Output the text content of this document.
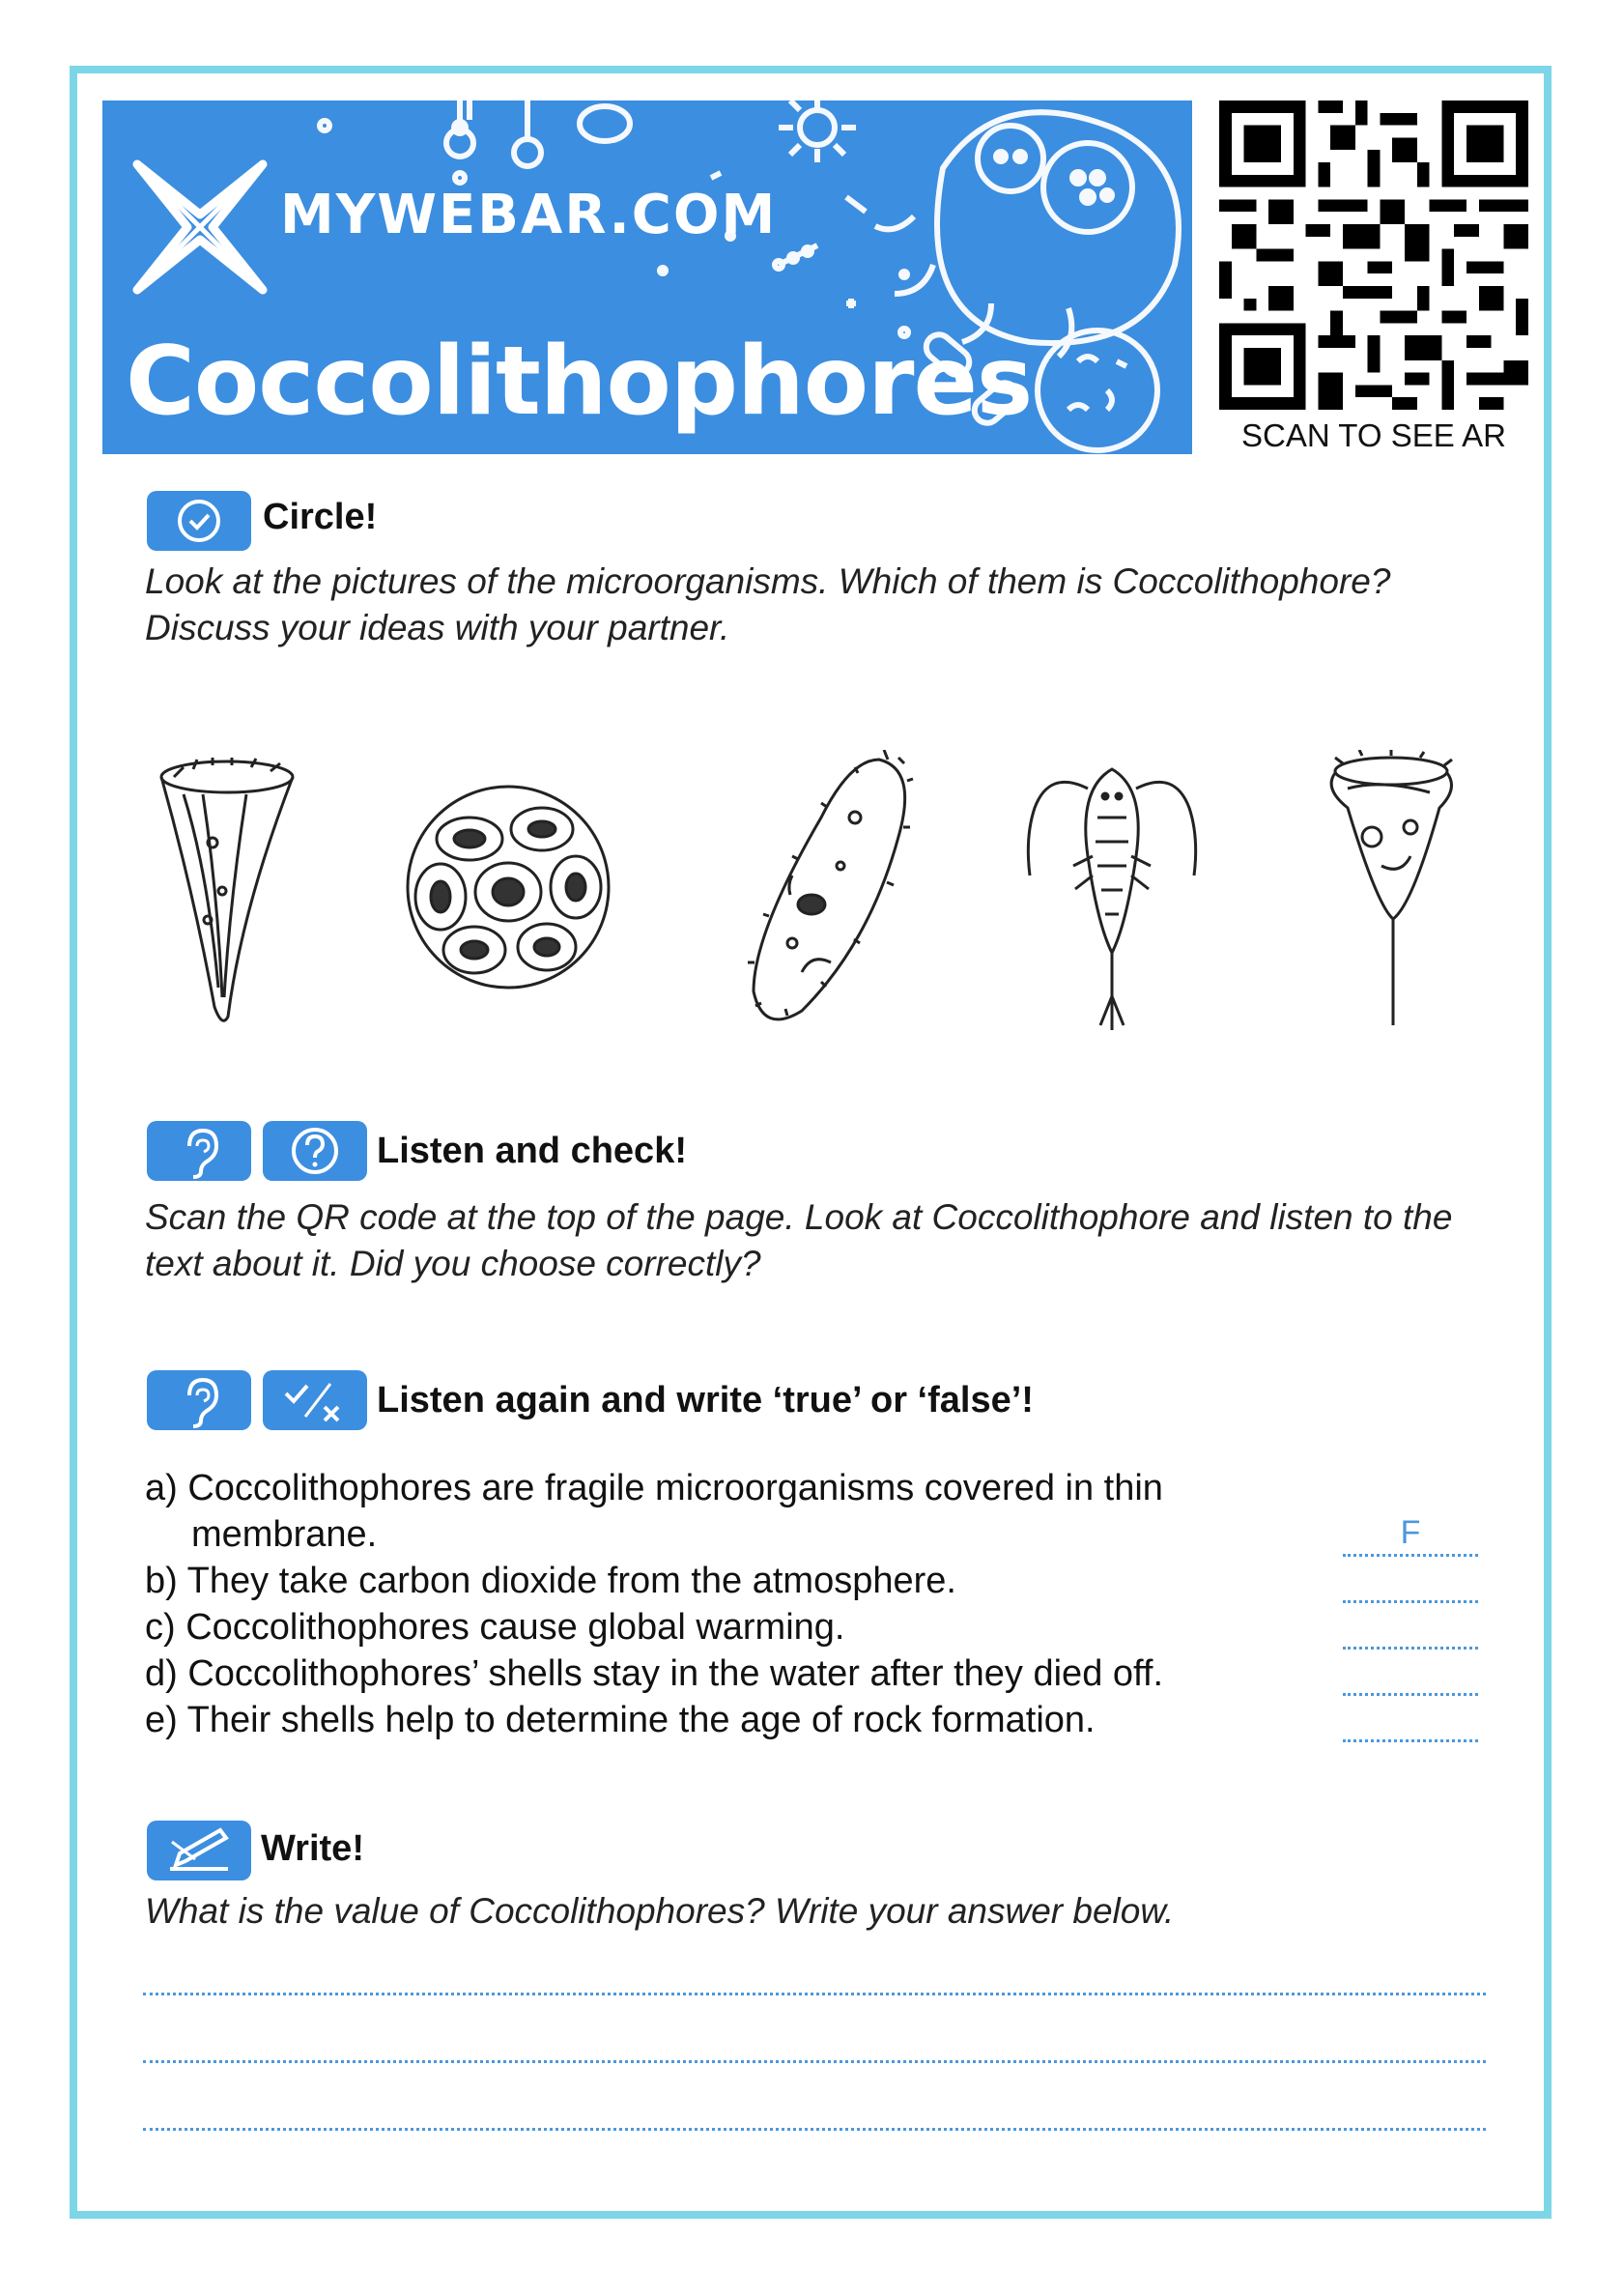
MYWEBAR.COM
Coccolithophores	SCAN TO SEE AR
Circle!
Look at the pictures of the microorganisms. Which of them is Coccolithophore?
Discuss your ideas with your partner.
Listen and check!
Scan the QR code at the top of the page. Look at Coccolithophore and listen to the
text about it. Did you choose correctly?
Listen again and write ‘true’ or ‘false’!
a) Coccolithophores are fragile microorganisms covered in thin
membrane.	F
b) They take carbon dioxide from the atmosphere.
c) Coccolithophores cause global warming.
d) Coccolithophores’ shells stay in the water after they died off.
e) Their shells help to determine the age of rock formation.
Write!
What is the value of Coccolithophores? Write your answer below.
